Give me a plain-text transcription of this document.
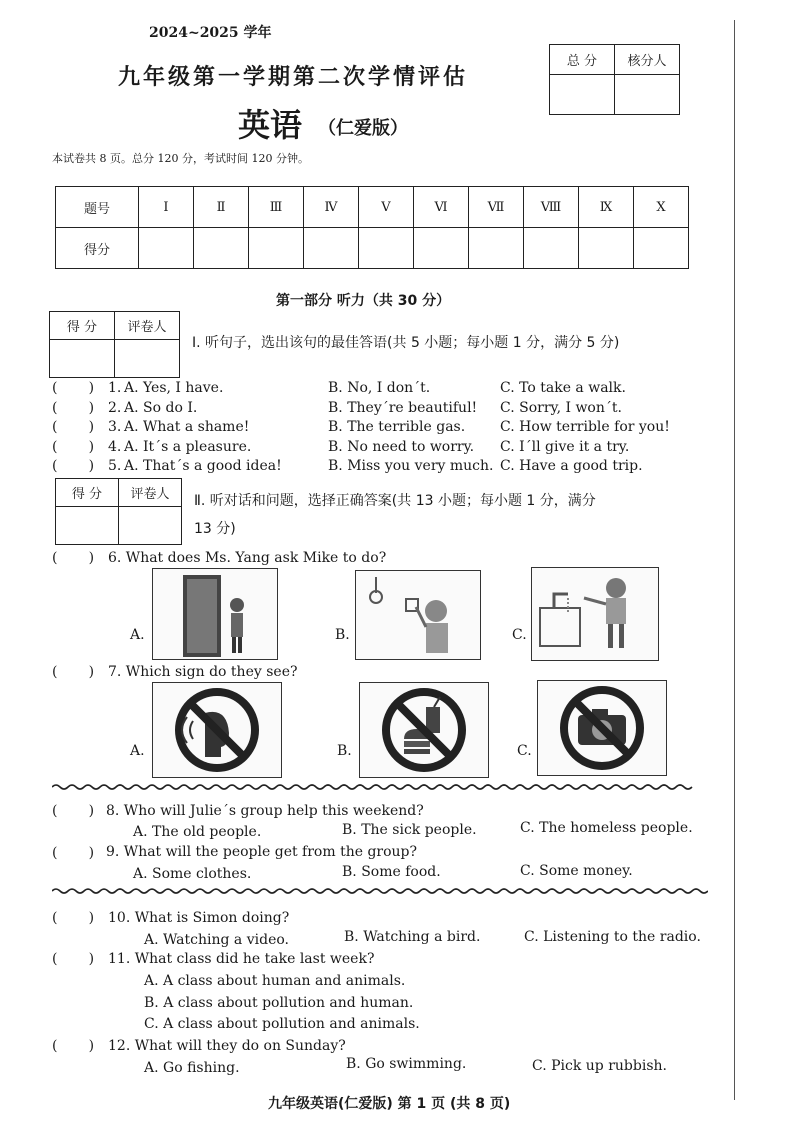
2024~2025 学年
九年级第一学期第二次学情评估
英语 （仁爱版）
本试卷共 8 页。总分 120 分，考试时间 120 分钟。
总 分	核分人

题号	I	Ⅱ	Ⅲ	Ⅳ	V	Ⅵ	Ⅶ	Ⅷ	Ⅸ	X
得分										
第一部分 听力（共 30 分）
得 分	评卷人

Ⅰ. 听句子，选出该句的最佳答语(共 5 小题；每小题 1 分，满分 5 分)
(       ) 1. A. Yes, I have.	B. No, I don´t.	C. To take a walk.
(       ) 2. A. So do I.	B. They´re beautiful! C. Sorry, I won´t.
(       ) 3. A. What a shame!	B. The terrible gas. C. How terrible for you!
(       ) 4. A. It´s a pleasure.	B. No need to worry. C. I´ll give it a try.
(       ) 5. A. That´s a good idea!	B. Miss you very much. C. Have a good trip.
得 分	评卷人
	Ⅱ. 听对话和问题，选择正确答案(共 13 小题；每小题 1 分，满分
13 分)
(       ) 6. What does Ms. Yang ask Mike to do?
A.	B.	C.
(       ) 7. Which sign do they see?
A.	B.	C.
(       ) 8. Who will Julie´s group help this weekend?
A. The old people.	B. The sick people.	C. The homeless people.
(       ) 9. What will the people get from the group?
A. Some clothes.	B. Some food.	C. Some money.
(       ) 10. What is Simon doing?
A. Watching a video.	B. Watching a bird.	C. Listening to the radio.
(       ) 11. What class did he take last week?
A. A class about human and animals.
B. A class about pollution and human.
C. A class about pollution and animals.
(       ) 12. What will they do on Sunday?
A. Go fishing.	B. Go swimming.	C. Pick up rubbish.
九年级英语(仁爱版) 第 1 页 (共 8 页)
